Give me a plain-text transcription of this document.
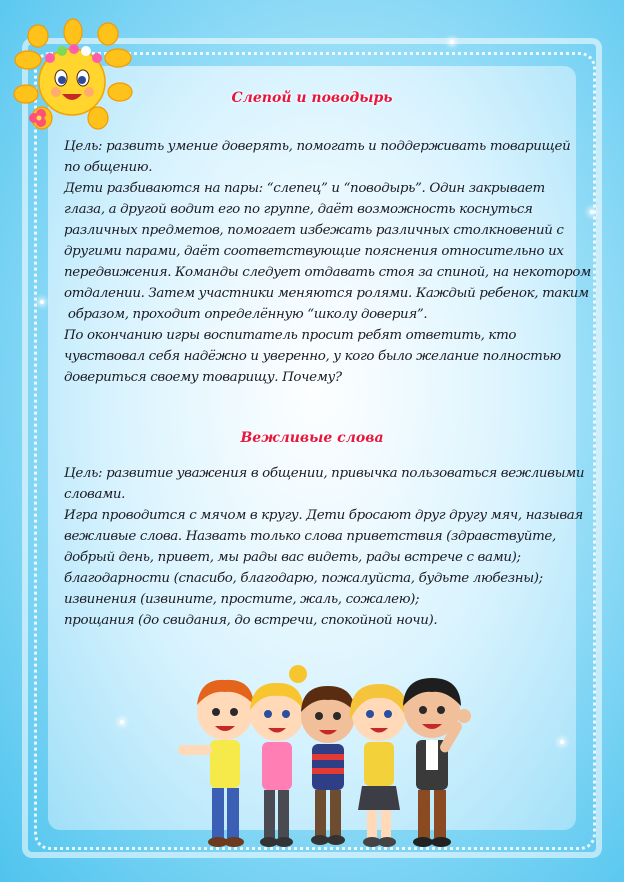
Слепой и поводырь
Цель: развить умение доверять, помогать и поддерживать товарищей
по общению.
Дети разбиваются на пары: “слепец” и “поводырь”. Один закрывает
глаза, а другой водит его по группе, даёт возможность коснуться
различных предметов, помогает избежать различных столкновений с
другими парами, даёт соответствующие пояснения относительно их
передвижения. Команды следует отдавать стоя за спиной, на некотором
отдалении. Затем участники меняются ролями. Каждый ребенок, таким
образом, проходит определённую “школу доверия”.
По окончанию игры воспитатель просит ребят ответить, кто
чувствовал себя надёжно и уверенно, у кого было желание полностью
довериться своему товарищу. Почему?
Вежливые слова
Цель: развитие уважения в общении, привычка пользоваться вежливыми
словами.
Игра проводится с мячом в кругу. Дети бросают друг другу мяч, называя
вежливые слова. Назвать только слова приветствия (здравствуйте,
добрый день, привет, мы рады вас видеть, рады встрече с вами);
благодарности (спасибо, благодарю, пожалуйста, будьте любезны);
извинения (извините, простите, жаль, сожалею);
прощания (до свидания, до встречи, спокойной ночи).
